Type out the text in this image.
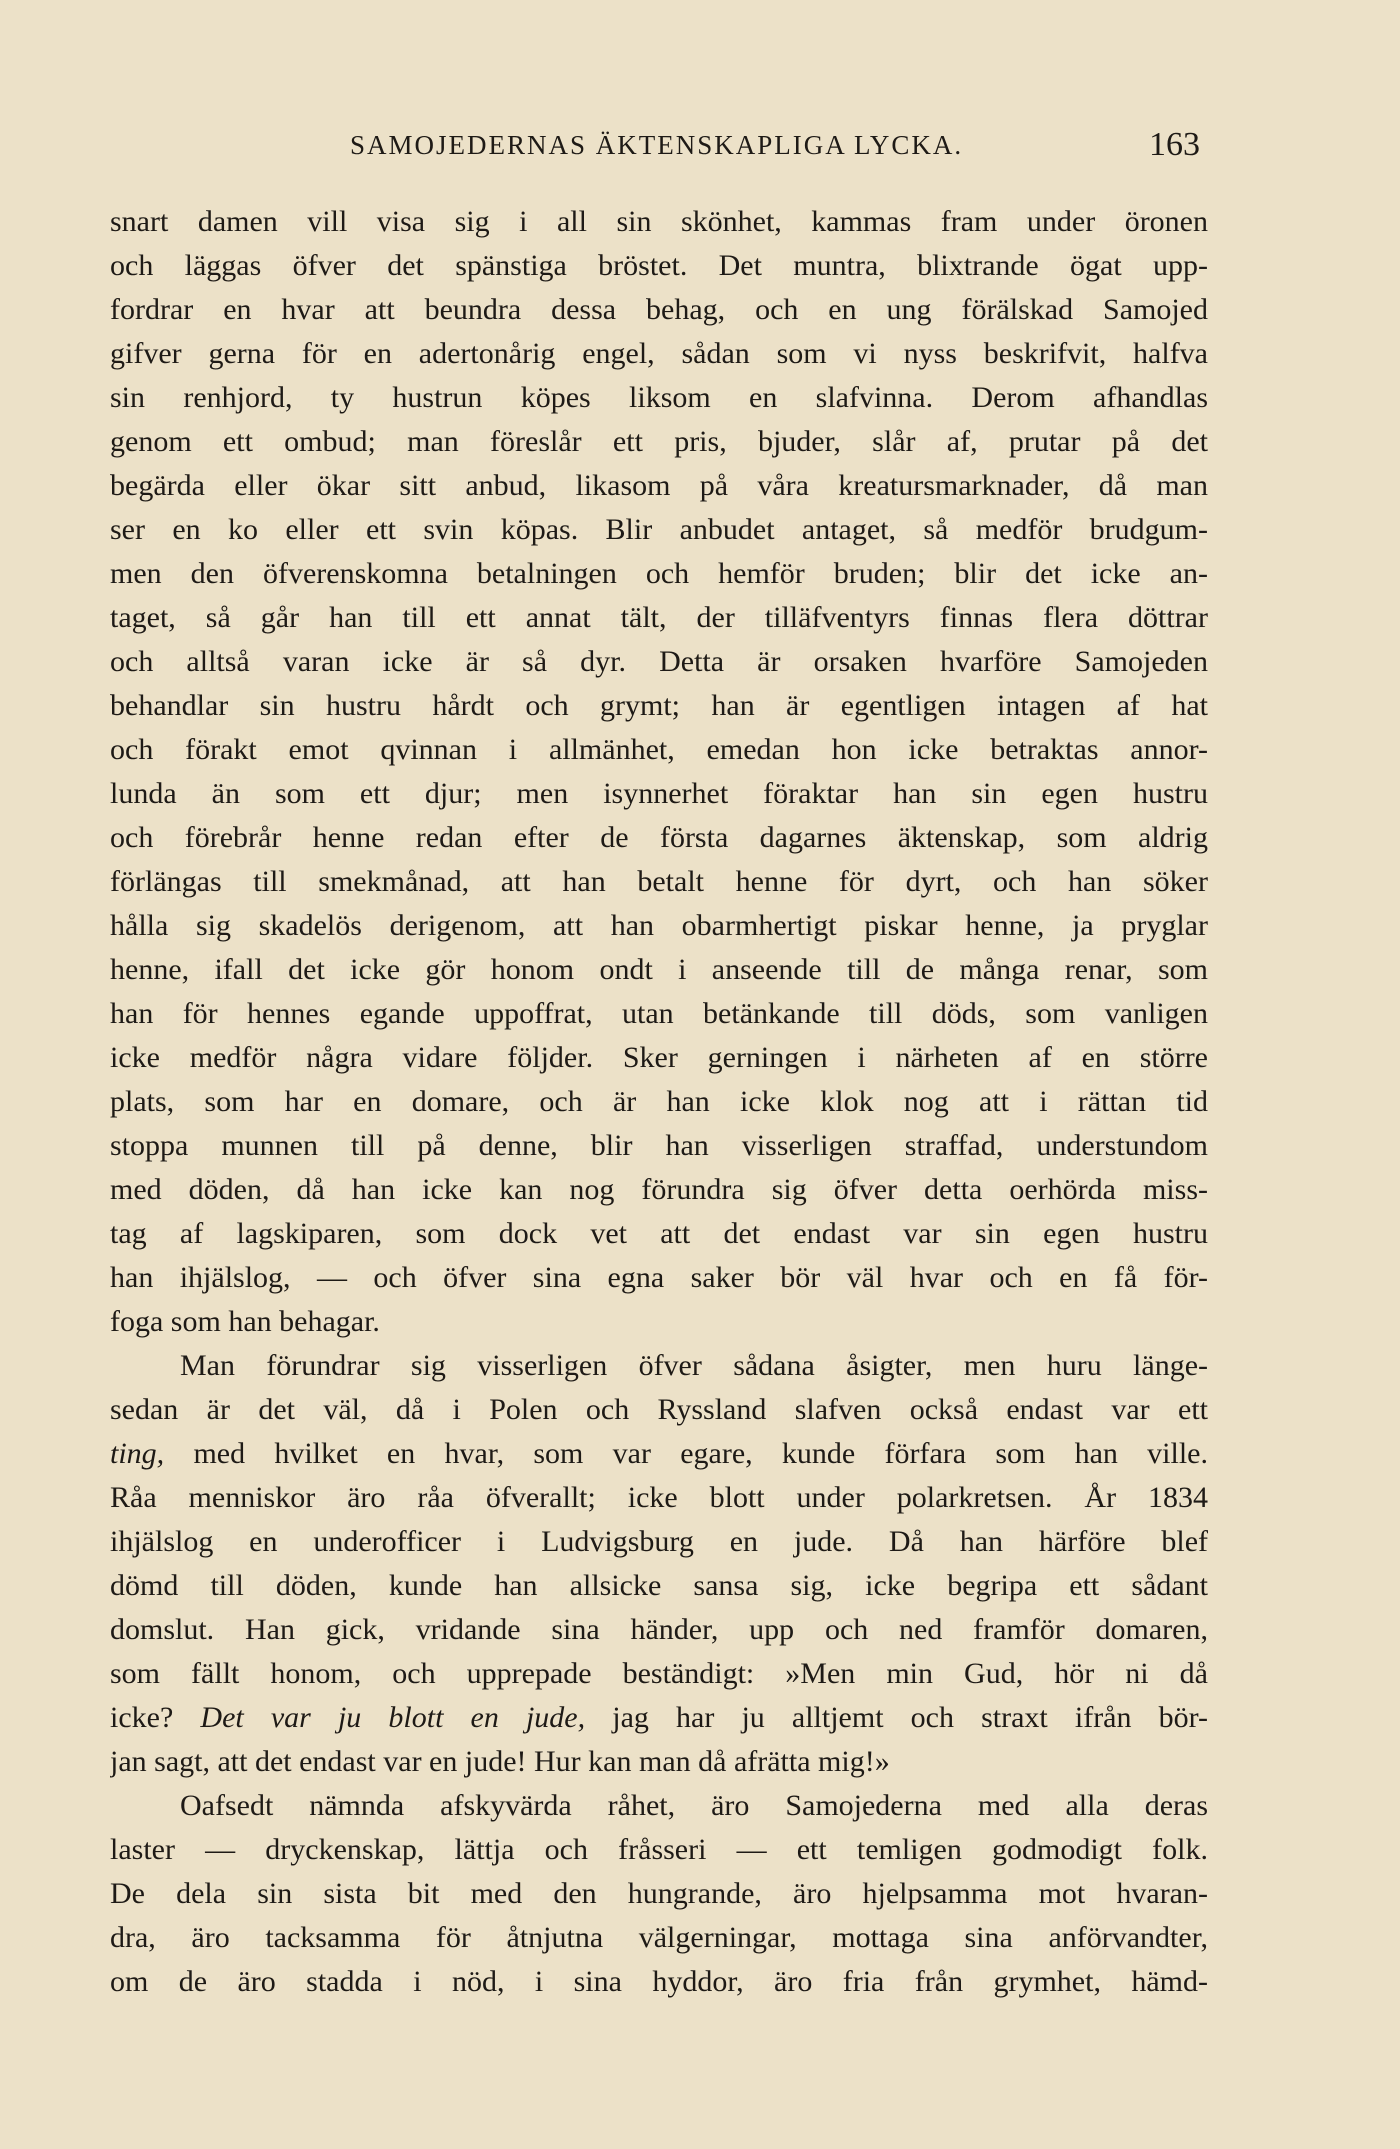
SAMOJEDERNAS ÄKTENSKAPLIGA LYCKA.	163
snart damen vill visa sig i all sin skönhet, kammas fram under öronen
och läggas öfver det spänstiga bröstet. Det muntra, blixtrande ögat upp-
fordrar en hvar att beundra dessa behag, och en ung förälskad Samojed
gifver gerna för en adertonårig engel, sådan som vi nyss beskrifvit, halfva
sin renhjord, ty hustrun köpes liksom en slafvinna. Derom afhandlas
genom ett ombud; man föreslår ett pris, bjuder, slår af, prutar på det
begärda eller ökar sitt anbud, likasom på våra kreatursmarknader, då man
ser en ko eller ett svin köpas. Blir anbudet antaget, så medför brudgum-
men den öfverenskomna betalningen och hemför bruden; blir det icke an-
taget, så går han till ett annat tält, der tilläfventyrs finnas flera döttrar
och alltså varan icke är så dyr. Detta är orsaken hvarföre Samojeden
behandlar sin hustru hårdt och grymt; han är egentligen intagen af hat
och förakt emot qvinnan i allmänhet, emedan hon icke betraktas annor-
lunda än som ett djur; men isynnerhet föraktar han sin egen hustru
och förebrår henne redan efter de första dagarnes äktenskap, som aldrig
förlängas till smekmånad, att han betalt henne för dyrt, och han söker
hålla sig skadelös derigenom, att han obarmhertigt piskar henne, ja pryglar
henne, ifall det icke gör honom ondt i anseende till de många renar, som
han för hennes egande uppoffrat, utan betänkande till döds, som vanligen
icke medför några vidare följder. Sker gerningen i närheten af en större
plats, som har en domare, och är han icke klok nog att i rättan tid
stoppa munnen till på denne, blir han visserligen straffad, understundom
med döden, då han icke kan nog förundra sig öfver detta oerhörda miss-
tag af lagskiparen, som dock vet att det endast var sin egen hustru
han ihjälslog, — och öfver sina egna saker bör väl hvar och en få för-
foga som han behagar.
Man förundrar sig visserligen öfver sådana åsigter, men huru länge-
sedan är det väl, då i Polen och Ryssland slafven också endast var ett
ting, med hvilket en hvar, som var egare, kunde förfara som han ville.
Råa menniskor äro råa öfverallt; icke blott under polarkretsen. År 1834
ihjälslog en underofficer i Ludvigsburg en jude. Då han härföre blef
dömd till döden, kunde han allsicke sansa sig, icke begripa ett sådant
domslut. Han gick, vridande sina händer, upp och ned framför domaren,
som fällt honom, och upprepade beständigt: »Men min Gud, hör ni då
icke? Det var ju blott en jude, jag har ju alltjemt och straxt ifrån bör-
jan sagt, att det endast var en jude! Hur kan man då afrätta mig!»
Oafsedt nämnda afskyvärda råhet, äro Samojederna med alla deras
laster — dryckenskap, lättja och fråsseri — ett temligen godmodigt folk.
De dela sin sista bit med den hungrande, äro hjelpsamma mot hvaran-
dra, äro tacksamma för åtnjutna välgerningar, mottaga sina anförvandter,
om de äro stadda i nöd, i sina hyddor, äro fria från grymhet, hämd-
